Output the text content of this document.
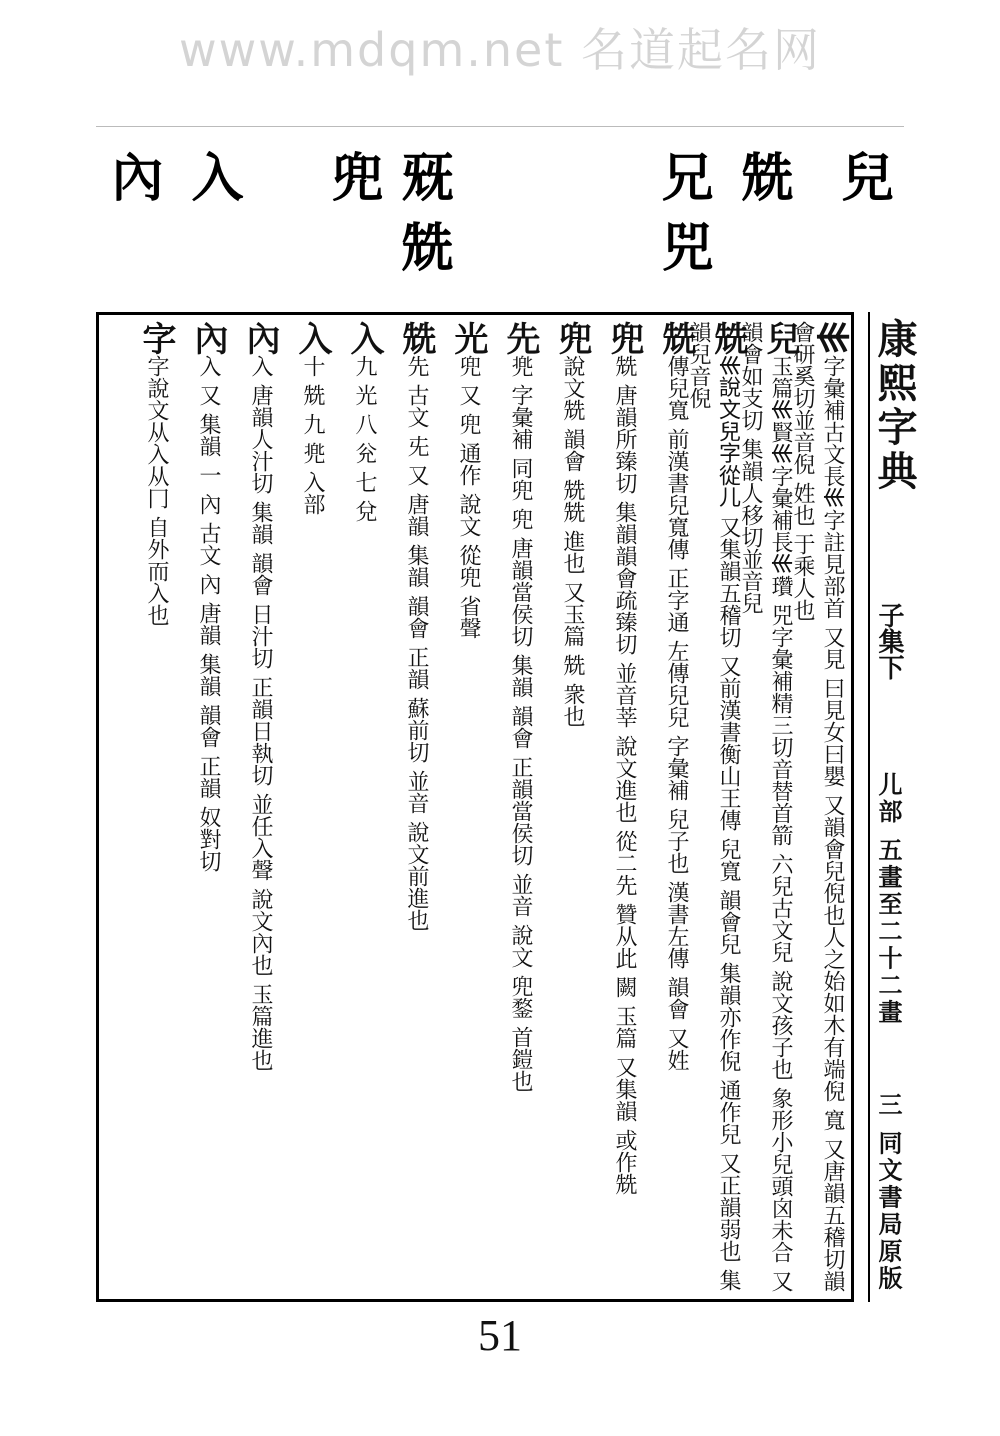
www.mdqm.net 名道起名网
兒
兟
兄
兕
兓
兟
兜
入
內
𡿧字彙補古文長𡿧字註見部首 又見 曰見女曰嬰 又韻會兒倪也人之始如木有端倪 寬 又唐韻五稽切韻會研奚切並音倪 姓也 于乘人也
兒玉篇𡿧賢𡿧字彙補長𡿧瓚 兕字彙補精三切音替首箭 六兒古文兒 說文孩子也 象形小兒頭囟未合 又韻會如支切 集韻人移切並音兒
兟𡿧說文兒字從儿 又集韻五稽切 又前漢書衡山王傳 兒寬 韻會兒 集韻亦作倪 通作兒 又正韻弱也 集韻兒音倪
兟傳兒寬 前漢書兒寬傳 正字通 左傳兒兒 字彙補 兒子也 漢書左傳 韻會 又姓
兜兟 唐韻所臻切 集韻韻會疏臻切 並音莘 說文進也 從二先 贊从此 闕 玉篇 又集韻 或作兟
兜說文兟 韻會 兟兟 進也 又玉篇 兟 衆也
先兠 字彙補 同兜 兜 唐韻當侯切 集韻 韻會 正韻當侯切 並音 說文 兜鍪 首鎧也
光兜 又 兜 通作 說文 從兜 省聲
兟先 古文 兂 又 唐韻 集韻 韻會 正韻 蘇前切 並音 說文前進也
入九 光 八 兊 七 兌
入十 兟 九 兠 入部
內入 唐韻人汁切 集韻 韻會 日汁切 正韻日執切 並任入聲 說文內也 玉篇進也
內入 又 集韻 一 內 古文 內 唐韻 集韻 韻會 正韻 奴對切
字字說文从入从冂 自外而入也	康熙字典
子集下
儿部 五畫至二十二畫
三 同文書局原版
51
